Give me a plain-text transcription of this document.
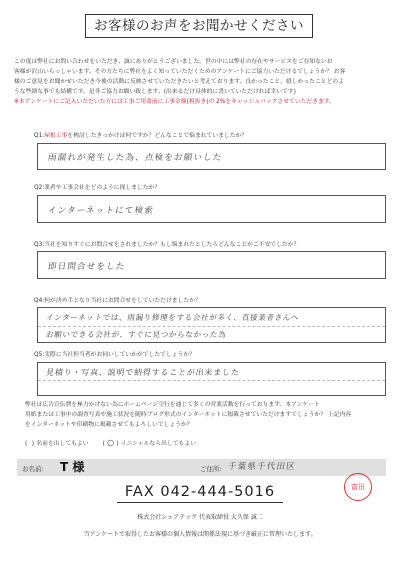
お客様のお声をお聞かせください
この度は弊社にお問い合わせをいただき、誠にありがとうございました。世の中には弊社の存在やサービスをご存知ないお
客様が沢山いらっしゃいます。その方たちに弊社をよく知っていただくためのアンケートにご協力いただけるでしょうか？ お客
様のご意見をお聞かせいただき今後の活動に反映させていただきたいと考えております。良かったこと、嬉しかったことどのよ
うな些細な事でも結構です。是非ご協力お願い致します。(出来るだけ具体的に書いていただければ幸いです)
※本アンケートにご記入いただいた方には工事ご用命前に工事金額(税抜き)の 2%をキャッシュバックさせていただきます。
Q1:屋根工事を検討したきっかけは何ですか？どんなことで悩まれていましたか？
雨漏れが発生した為、点検をお願いした
Q2:業者や工事会社をどのように探しましたか？
インターネットにて検索
Q3:当社を知りすぐにお問合せをされましたか？もし悩まれたとしたらどんなことがご不安でしたか？
即日問合せをした
Q4:何が決め手となり当社にお問合せをしていただけましたか？
インターネットでは、雨漏り修理をする会社が多く、直接業者さんへ
お願いできる会社が、すぐに見つからなかった為
Q5:実際に当社担当者がお伺いしていかがでしたでしょうか？
見積り・写真、説明で納得することが出来ました
弊社は広告宣伝費を極力かけない為にホームページ空行を通じて多くの営業活動を行っております。本アンケート
用紙または工事中の調査写真や施工状況を随時ブログ形式のインターネットに掲載させていただけますでしょうか？ 上記内容
をインターネットや印刷物に掲載させてもよろしいでしょうか？
( ) 名前を出してもよい (○) イニシャルなら出してもよい
お名前: T 様	ご住所: 千葉県千代田区
富田
FAX 042-444-5016
株式会社シェアテック 代表取締役 大久保 誠二
当アンケートで取得したお客様の個人情報は関係法規に基づき厳正に管理いたします。
